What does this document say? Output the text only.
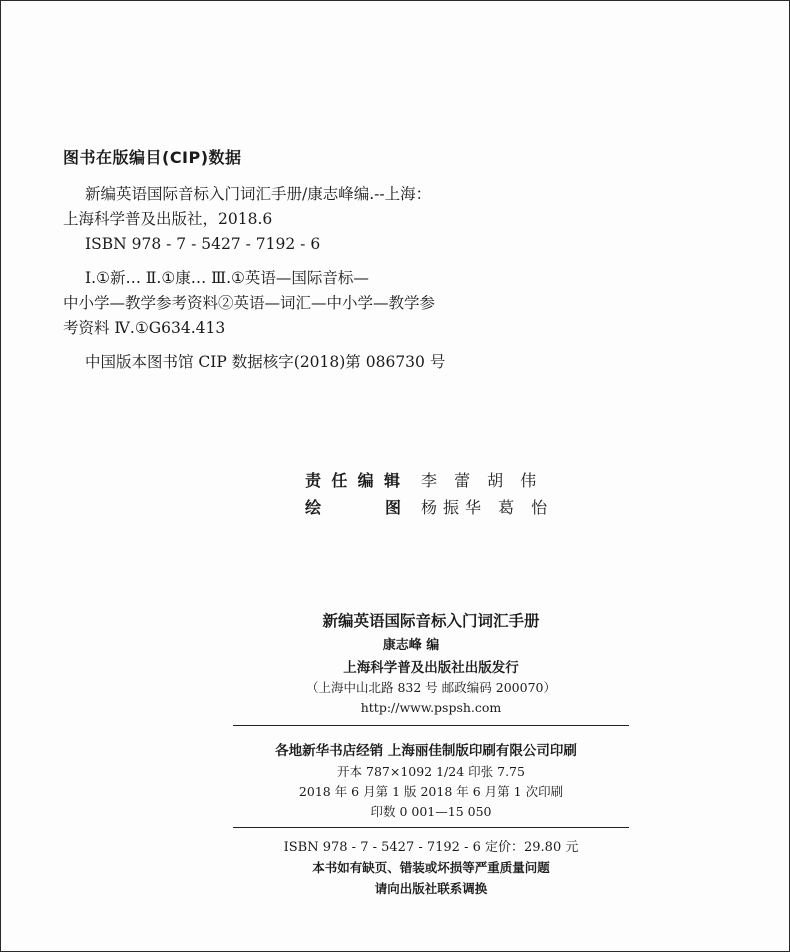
图书在版编目(CIP)数据
新编英语国际音标入门词汇手册/康志峰编.--上海：
上海科学普及出版社，2018.6
ISBN 978 - 7 - 5427 - 7192 - 6
Ⅰ.①新… Ⅱ.①康… Ⅲ.①英语—国际音标—
中小学—教学参考资料②英语—词汇—中小学—教学参
考资料 Ⅳ.①G634.413
中国版本图书馆 CIP 数据核字(2018)第 086730 号
责任编辑 李 蕾 胡 伟
绘	图 杨振华 葛 怡
新编英语国际音标入门词汇手册
康志峰 编
上海科学普及出版社出版发行
（上海中山北路 832 号 邮政编码 200070）
http://www.pspsh.com
各地新华书店经销 上海丽佳制版印刷有限公司印刷
开本 787×1092 1/24 印张 7.75
2018 年 6 月第 1 版 2018 年 6 月第 1 次印刷
印数 0 001—15 050
ISBN 978 - 7 - 5427 - 7192 - 6 定价：29.80 元
本书如有缺页、错装或坏损等严重质量问题
请向出版社联系调换
